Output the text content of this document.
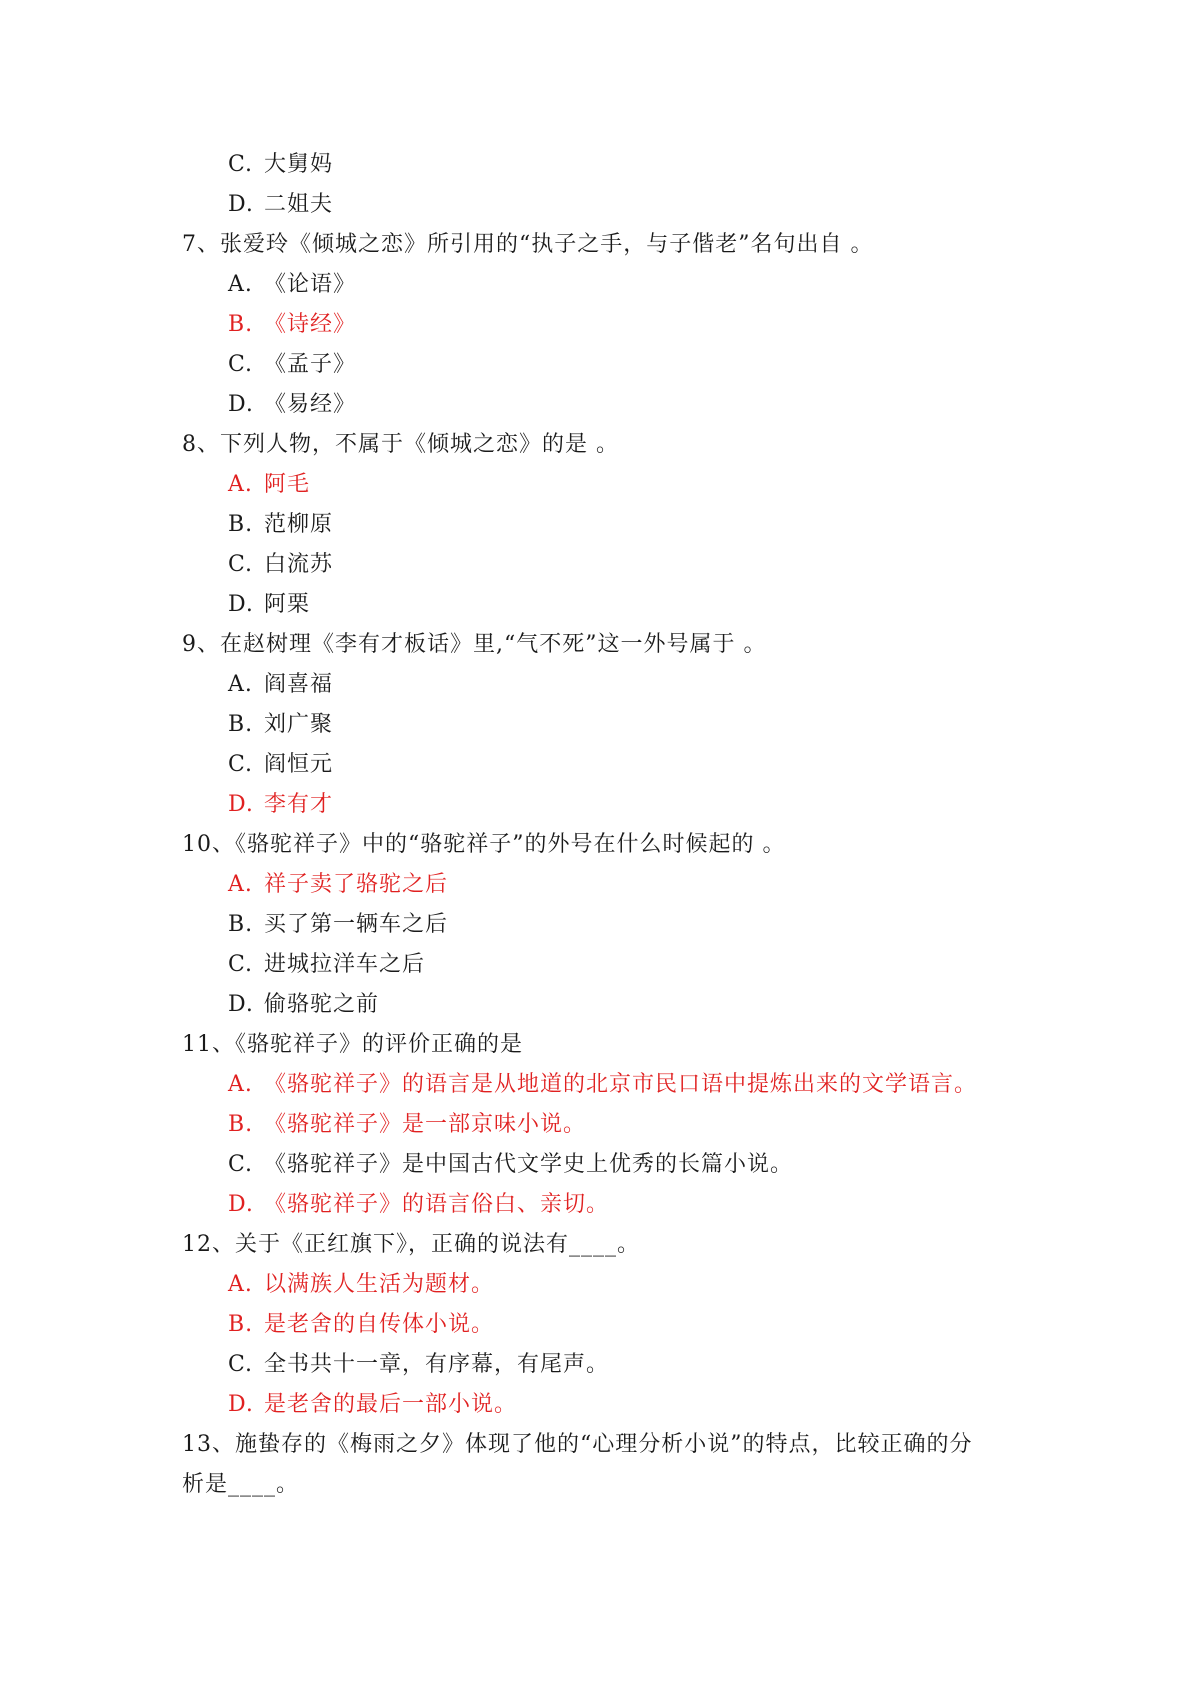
C. 大舅妈
D. 二姐夫
7、张爱玲《倾城之恋》所引用的“执子之手，与子偕老”名句出自 。
A. 《论语》
B. 《诗经》
C. 《孟子》
D. 《易经》
8、下列人物，不属于《倾城之恋》的是 。
A. 阿毛
B. 范柳原
C. 白流苏
D. 阿栗
9、在赵树理《李有才板话》里,“气不死”这一外号属于 。
A. 阎喜福
B. 刘广聚
C. 阎恒元
D. 李有才
10、《骆驼祥子》中的“骆驼祥子”的外号在什么时候起的 。
A. 祥子卖了骆驼之后
B. 买了第一辆车之后
C. 进城拉洋车之后
D. 偷骆驼之前
11、《骆驼祥子》的评价正确的是
A. 《骆驼祥子》的语言是从地道的北京市民口语中提炼出来的文学语言。
B. 《骆驼祥子》是一部京味小说。
C. 《骆驼祥子》是中国古代文学史上优秀的长篇小说。
D. 《骆驼祥子》的语言俗白、亲切。
12、关于《正红旗下》，正确的说法有____。
A. 以满族人生活为题材。
B. 是老舍的自传体小说。
C. 全书共十一章，有序幕，有尾声。
D. 是老舍的最后一部小说。
13、施蛰存的《梅雨之夕》体现了他的“心理分析小说”的特点，比较正确的分
析是____。
